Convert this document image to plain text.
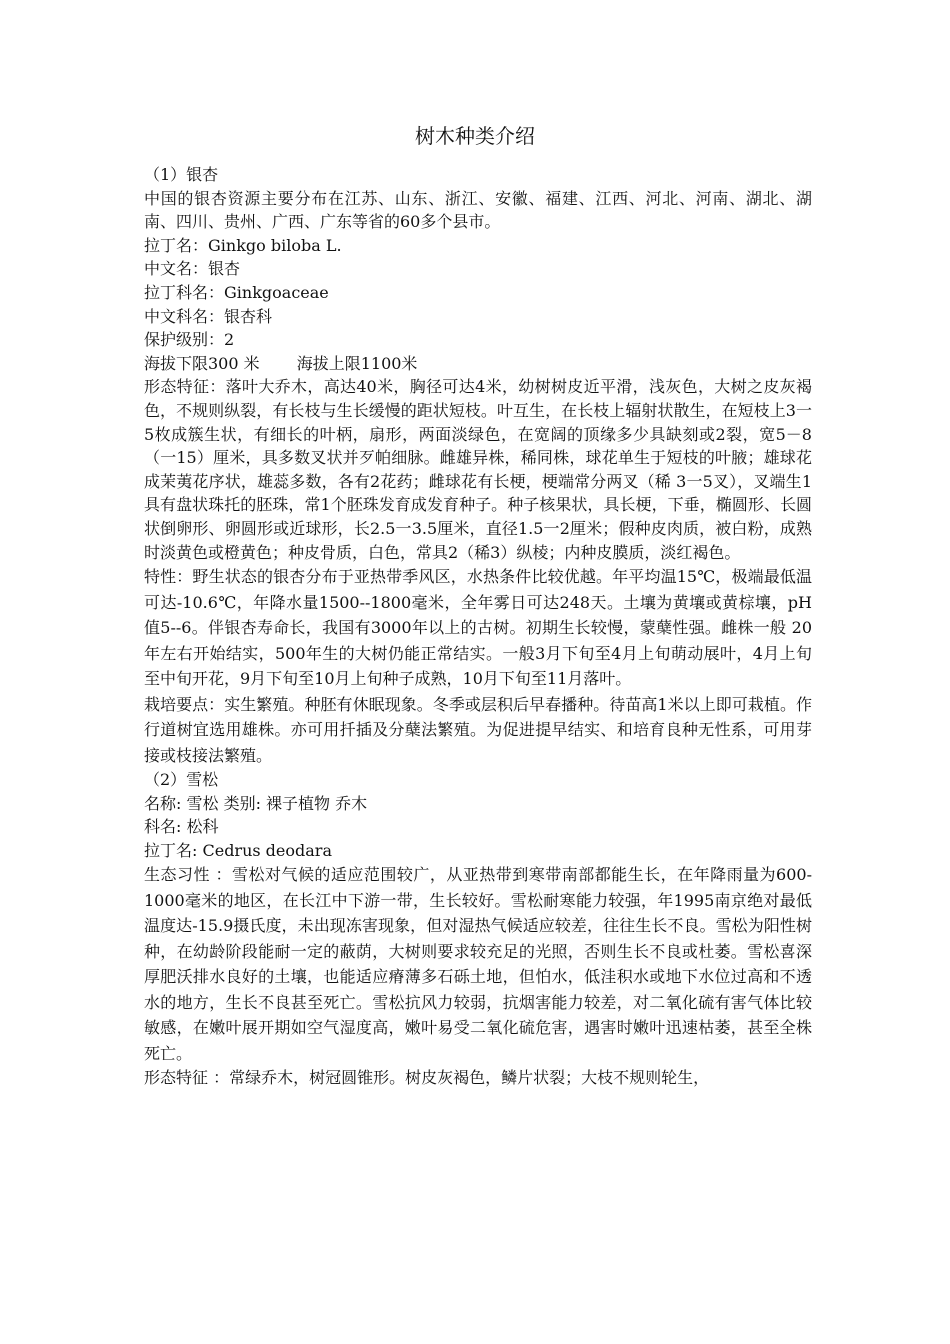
树木种类介绍

（1）银杏

中国的银杏资源主要分布在江苏、山东、浙江、安徽、福建、江西、河北、河南、湖北、湖南、四川、贵州、广西、广东等省的60多个县市。

拉丁名：Ginkgo biloba L.

中文名：银杏

拉丁科名：Ginkgoaceae

中文科名：银杏科

保护级别：2

海拔下限300 米　　 海拔上限1100米

形态特征：落叶大乔木，高达40米，胸径可达4米，幼树树皮近平滑，浅灰色，大树之皮灰褐色，不规则纵裂，有长枝与生长缓慢的距状短枝。叶互生，在长枝上辐射状散生，在短枝上3一5枚成簇生状，有细长的叶柄，扇形，两面淡绿色，在宽阔的顶缘多少具缺刻或2裂，宽5－8（一15）厘米，具多数叉状并歹帕细脉。雌雄异株，稀同株，球花单生于短枝的叶腋；雄球花成茉荑花序状，雄蕊多数，各有2花药；雌球花有长梗，梗端常分两叉（稀 3一5叉），叉端生1具有盘状珠托的胚珠，常1个胚珠发育成发育种子。种子核果状，具长梗，下垂，椭圆形、长圆状倒卵形、卵圆形或近球形，长2.5一3.5厘米，直径1.5一2厘米；假种皮肉质，被白粉，成熟时淡黄色或橙黄色；种皮骨质，白色，常具2（稀3）纵棱；内种皮膜质，淡红褐色。

特性：野生状态的银杏分布于亚热带季风区，水热条件比较优越。年平均温15℃，极端最低温可达-10.6℃，年降水量1500--1800毫米，全年雾日可达248天。土壤为黄壤或黄棕壤，pH值5--6。伴银杏寿命长，我国有3000年以上的古树。初期生长较慢，蒙蘖性强。雌株一般 20年左右开始结实，500年生的大树仍能正常结实。一般3月下旬至4月上旬萌动展叶，4月上旬至中旬开花，9月下旬至10月上旬种子成熟，10月下旬至11月落叶。

栽培要点：实生繁殖。种胚有休眠现象。冬季或层积后早春播种。待苗高1米以上即可栽植。作行道树宜选用雄株。亦可用扦插及分蘖法繁殖。为促进提早结实、和培育良种无性系，可用芽接或枝接法繁殖。

（2）雪松

名称: 雪松 类别: 裸子植物 乔木

科名: 松科

拉丁名: Cedrus deodara

生态习性 ：雪松对气候的适应范围较广，从亚热带到寒带南部都能生长，在年降雨量为600-1000毫米的地区，在长江中下游一带，生长较好。雪松耐寒能力较强，年1995南京绝对最低温度达-15.9摄氏度，未出现冻害现象，但对湿热气候适应较差，往往生长不良。雪松为阳性树种，在幼龄阶段能耐一定的蔽荫，大树则要求较充足的光照，否则生长不良或杜萎。雪松喜深厚肥沃排水良好的土壤，也能适应瘠薄多石砾土地，但怕水，低洼积水或地下水位过高和不透水的地方，生长不良甚至死亡。雪松抗风力较弱，抗烟害能力较差，对二氧化硫有害气体比较敏感，在嫩叶展开期如空气湿度高，嫩叶易受二氧化硫危害，遇害时嫩叶迅速枯萎，甚至全株死亡。

形态特征 ：常绿乔木，树冠圆锥形。树皮灰褐色，鳞片状裂；大枝不规则轮生，
